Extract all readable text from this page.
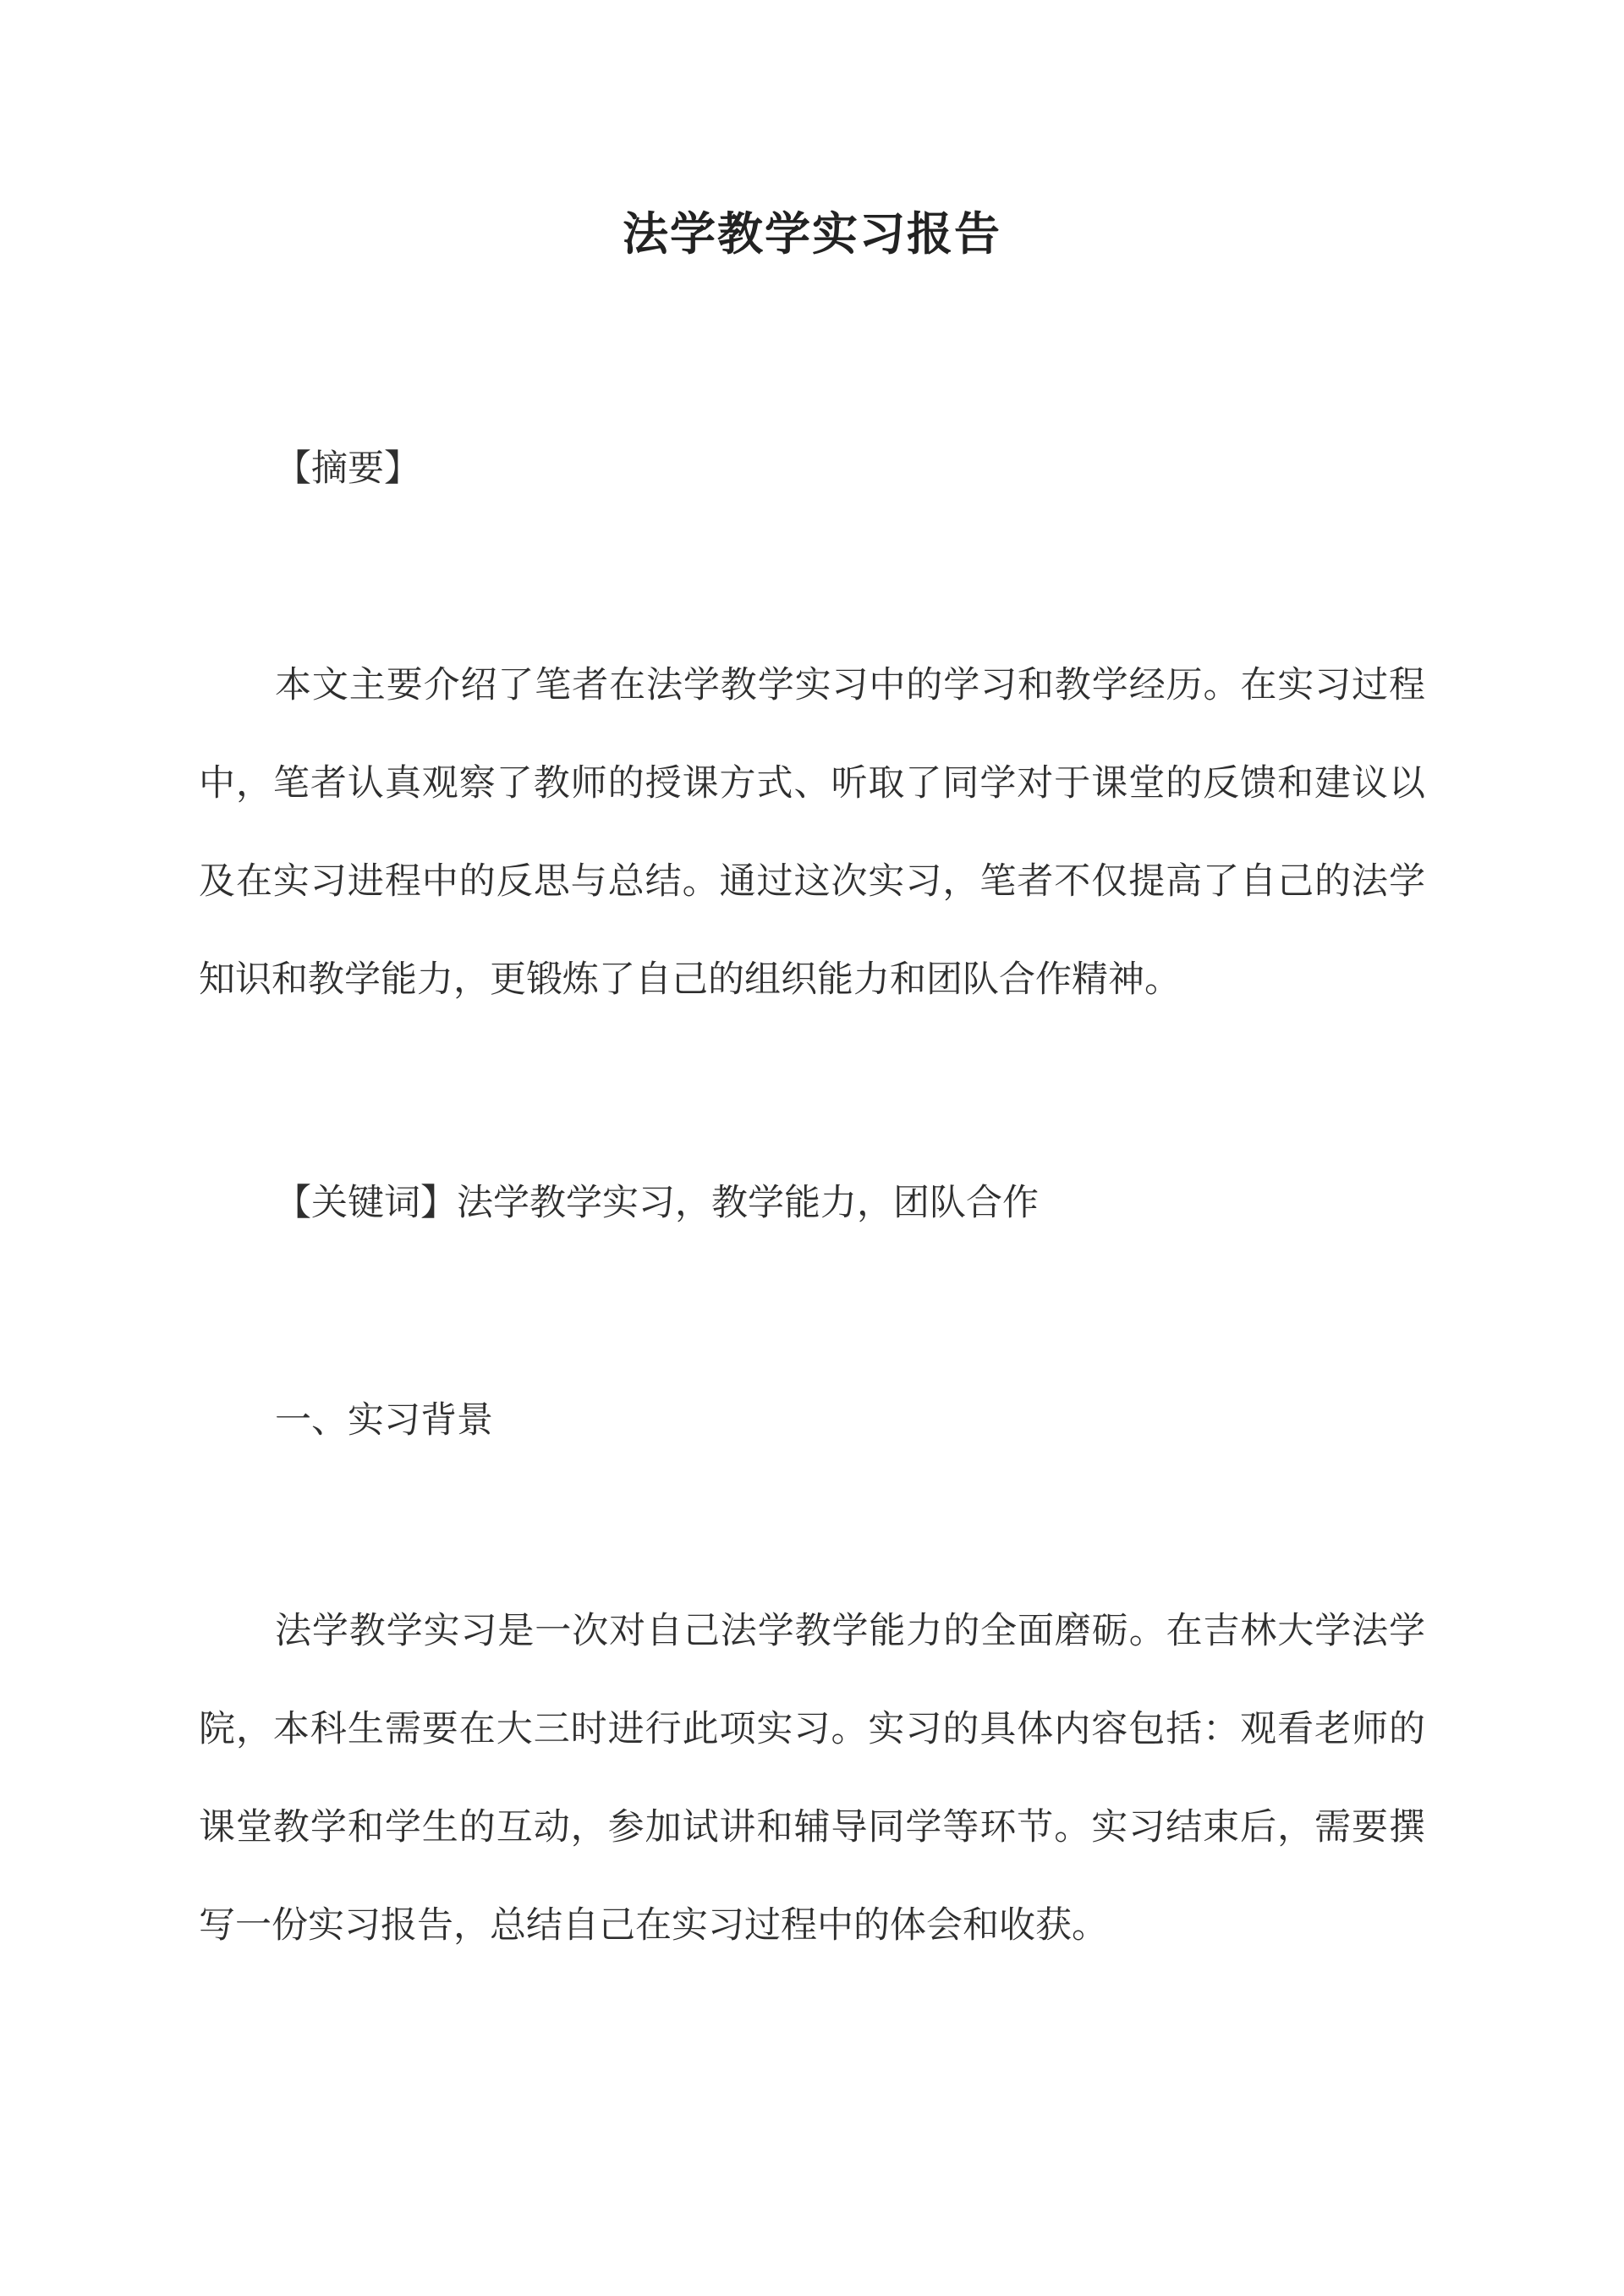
法学教学实习报告

【摘要】

本文主要介绍了笔者在法学教学实习中的学习和教学经历。在实习过程中，笔者认真观察了教师的授课方式、听取了同学对于课堂的反馈和建议以及在实习进程中的反思与总结。通过这次实习，笔者不仅提高了自己的法学知识和教学能力，更锻炼了自己的组织能力和团队合作精神。

【关键词】法学教学实习，教学能力，团队合作

一、实习背景

法学教学实习是一次对自己法学教学能力的全面磨砺。在吉林大学法学院，本科生需要在大三时进行此项实习。实习的具体内容包括：观看老师的课堂教学和学生的互动，参加试讲和辅导同学等环节。实习结束后，需要撰写一份实习报告，总结自己在实习过程中的体会和收获。
